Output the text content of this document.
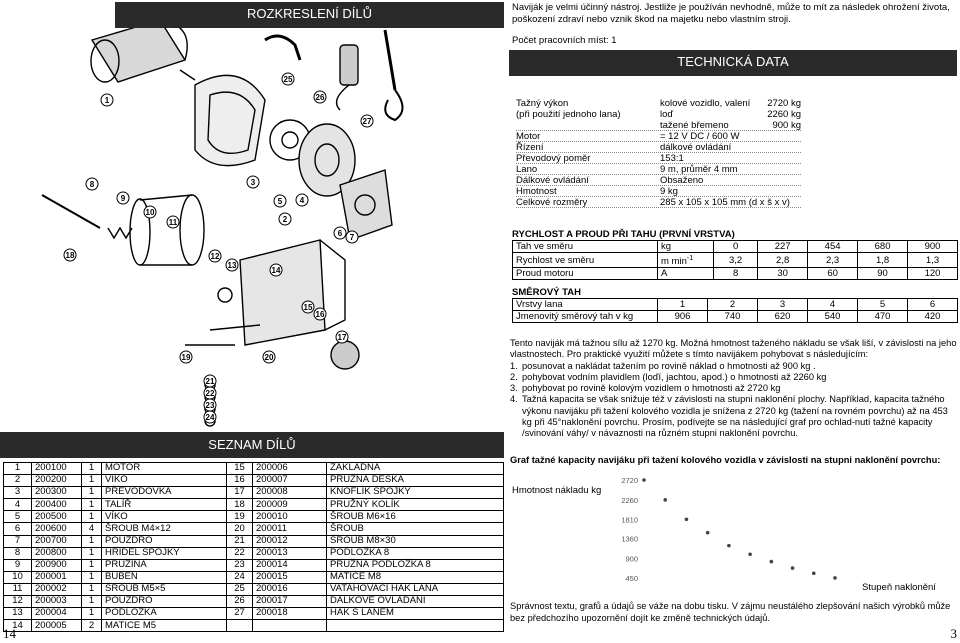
1
2
3
4
5
6 7
8
9
10
11
12
13
14
15
16
17
18
19	20
21
22
23
24
25
26
27
ROZKRESLENÍ DÍLŮ	Naviják je velmi účinný nástroj. Jestliže je používán nevhodně, může to mít za následek ohrožení života, poškození zdraví nebo vznik škod na majetku nebo vlastním stroji.
Počet pracovních míst: 1
TECHNICKÁ DATA
Tažný výkon	kolové vozidlo, valení 2720 kg
(při použití jednoho lana)	loď	2260 kg
tažené břemeno	900 kg
Motor	= 12 V DC / 600 W
Řízení	dálkové ovládání
Převodový poměr	153:1
Lano	9 m, průměr 4 mm
Dálkové ovládání	Obsaženo
Hmotnost	9 kg
Celkové rozměry	285 x 105 x 105 mm (d x š x v)
RYCHLOST A PROUD PŘI TAHU (PRVNÍ VRSTVA)
Tah ve směru	kg	0	227	454	680	900
Rychlost ve směru	m $\min^{-1}$	3,2	2,8	2,3	1,8	1,3
Proud motoru	A	8	30	60	90	120
SMĚROVÝ TAH
Vrstvy lana	1	2	3	4	5	6
Jmenovitý směrový tah v kg	906	740	620	540	470	420
Tento naviják má tažnou sílu až 1270 kg. Možná hmotnost taženého nákladu se však liší, v závislosti na jeho vlastnostech. Pro praktické využití můžete s tímto navijákem pohybovat s následujícím:
1. posunovat a nakládat tažením po rovině náklad o hmotnosti až 900 kg .
2. pohybovat vodním plavidlem (loďí, jachtou, apod.) o hmotnosti až 2260 kg
3. pohybovat po rovině kolovým vozidlem o hmotnosti až 2720 kg
4. Tažná kapacita se však snižuje též v závislosti na stupni naklonění plochy. Například, kapacita tažného výkonu navijáku při tažení kolového vozidla je snížena z 2720 kg (tažení na rovném povrchu) až na 453 kg při 45°naklonění povrchu. Prosím, podívejte se na následující graf pro ochlad-nutí tažné kapacity /svinování váhy/ v návaznosti na různém stupni naklonění povrchu.
Graf tažné kapacity navijáku při tažení kolového vozidla v závislosti na stupni naklonění povrchu:
Hmotnost nákladu kg
Stupeň naklonění
2720
2260
1810
1360
900
450
Správnost textu, grafů a údajů se váže na dobu tisku. V zájmu neustálého zlepšování našich výrobků může bez předchozího upozornění dojít ke změně technických údajů.
SEZNAM DÍLŮ
1	200100	1	MOTOR	15	200006	ZÁKLADNA
2	200200	1	VÍKO	16	200007	PRUŽNÁ DESKA
3	200300	1	PŘEVODOVKA	17	200008	KNOFLÍK SPOJKY
4	200400	1	TALÍŘ	18	200009	PRUŽNÝ KOLÍK
5	200500	1	VÍKO	19	200010	ŠROUB M6×16
6	200600	4	ŠROUB M4×12	20	200011	ŠROUB
7	200700	1	POUZDRO	21	200012	ŠROUB M8×30
8	200800	1	HŘÍDEL SPOJKY	22	200013	PODLOŽKA 8
9	200900	1	PRUŽINA	23	200014	PRUŽNÁ PODLOŽKA 8
10	200001	1	BUBEN	24	200015	MATICE M8
11	200002	1	ŠROUB M5×5	25	200016	VATAHOVACÍ HÁK LANA
12	200003	1	POUZDRO	26	200017	DÁLKOVÉ OVLÁDÁNÍ
13	200004	1	PODLOŽKA	27	200018	HÁK S LANEM
14	200005	2	MATICE M5			
14	3
